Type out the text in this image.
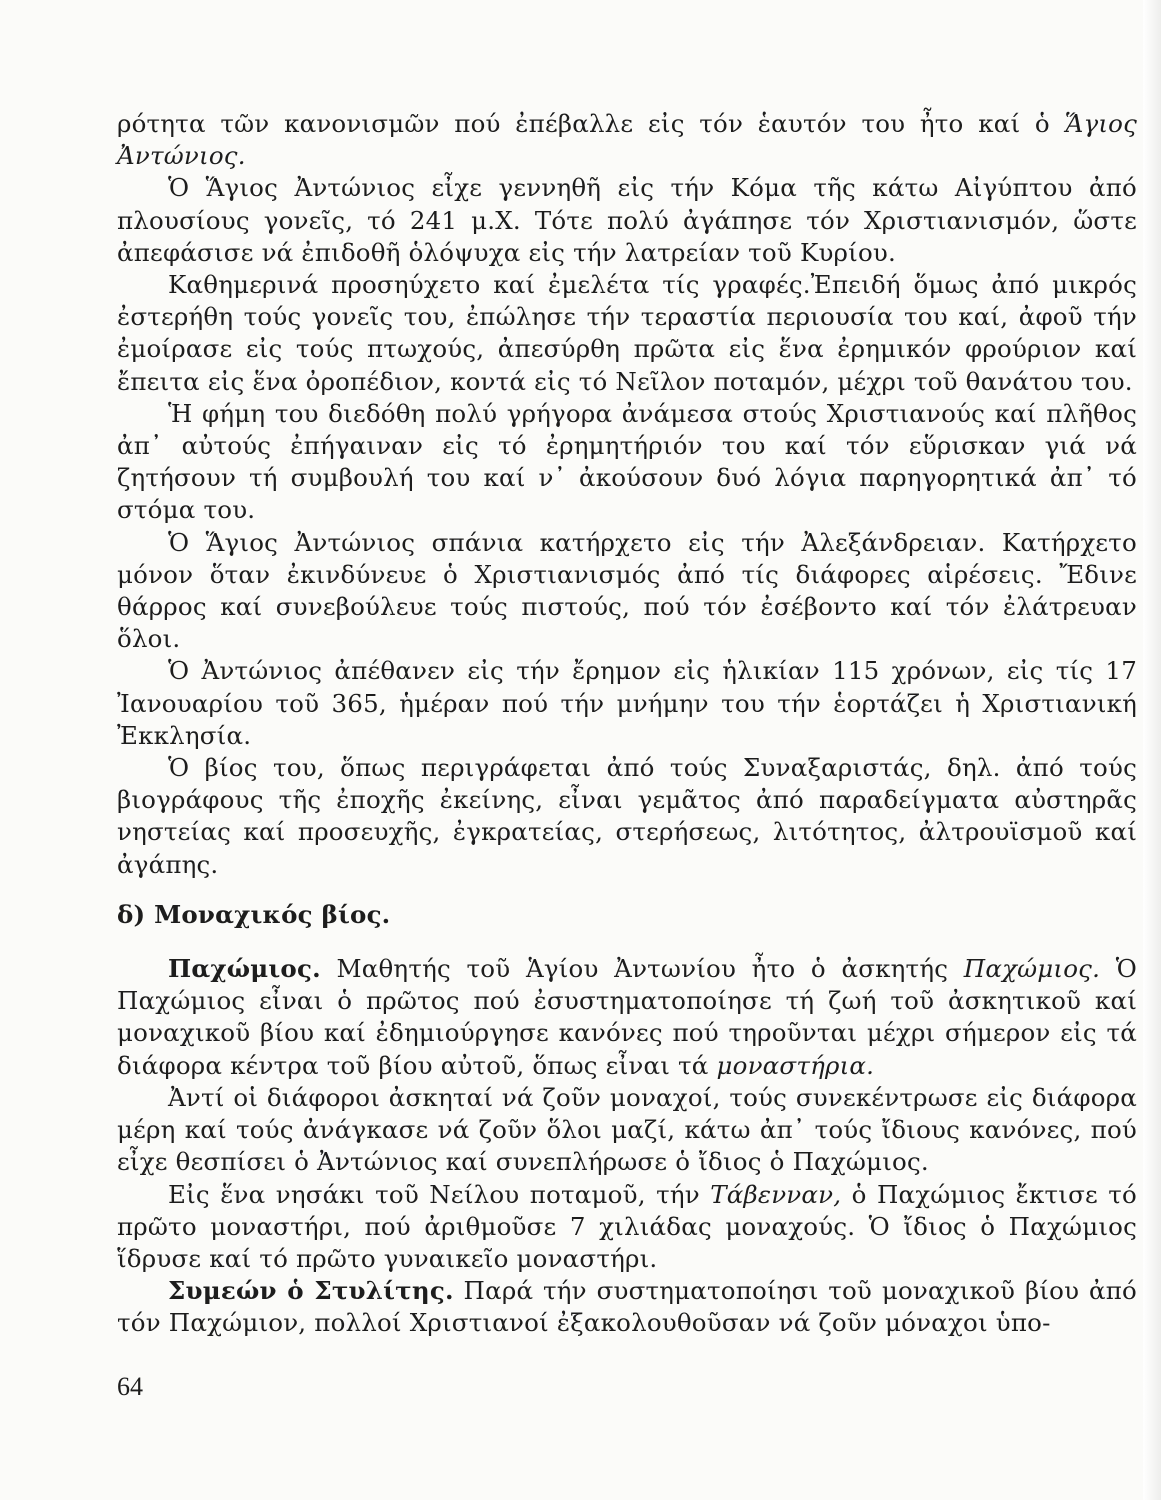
ρότητα τῶν κανονισμῶν πού ἐπέβαλλε εἰς τόν ἑαυτόν του ἦτο καί ὁ Ἅγιος Ἀντώνιος.

Ὁ Ἅγιος Ἀντώνιος εἶχε γεννηθῆ εἰς τήν Κόμα τῆς κάτω Αἰγύπτου ἀπό πλουσίους γονεῖς, τό 241 μ.Χ. Τότε πολύ ἀγάπησε τόν Χριστιανισμόν, ὥστε ἀπεφάσισε νά ἐπιδοθῆ ὁλόψυχα εἰς τήν λατρείαν τοῦ Κυρίου.

Καθημερινά προσηύχετο καί ἐμελέτα τίς γραφές.Ἐπειδή ὅμως ἀπό μικρός ἐστερήθη τούς γονεῖς του, ἐπώλησε τήν τεραστία περιουσία του καί, ἀφοῦ τήν ἐμοίρασε εἰς τούς πτωχούς, ἀπεσύρθη πρῶτα εἰς ἕνα ἐρημικόν φρούριον καί ἔπειτα εἰς ἕνα ὀροπέδιον, κοντά εἰς τό Νεῖλον ποταμόν, μέχρι τοῦ θανάτου του.

Ἡ φήμη του διεδόθη πολύ γρήγορα ἀνάμεσα στούς Χριστιανούς καί πλῆθος ἀπ᾿ αὐτούς ἐπήγαιναν εἰς τό ἐρημητήριόν του καί τόν εὕρισκαν γιά νά ζητήσουν τή συμβουλή του καί ν᾿ ἀκούσουν δυό λόγια παρηγορητικά ἀπ᾿ τό στόμα του.

Ὁ Ἅγιος Ἀντώνιος σπάνια κατήρχετο εἰς τήν Ἀλεξάνδρειαν. Κατήρχετο μόνον ὅταν ἐκινδύνευε ὁ Χριστιανισμός ἀπό τίς διάφορες αἱρέσεις. Ἔδινε θάρρος καί συνεβούλευε τούς πιστούς, πού τόν ἐσέβοντο καί τόν ἐλάτρευαν ὅλοι.

Ὁ Ἀντώνιος ἀπέθανεν εἰς τήν ἔρημον εἰς ἡλικίαν 115 χρόνων, εἰς τίς 17 Ἰανουαρίου τοῦ 365, ἡμέραν πού τήν μνήμην του τήν ἑορτάζει ἡ Χριστιανική Ἐκκλησία.

Ὁ βίος του, ὅπως περιγράφεται ἀπό τούς Συναξαριστάς, δηλ. ἀπό τούς βιογράφους τῆς ἐποχῆς ἐκείνης, εἶναι γεμᾶτος ἀπό παραδείγματα αὐστηρᾶς νηστείας καί προσευχῆς, ἐγκρατείας, στερήσεως, λιτότητος, ἀλτρουϊσμοῦ καί ἀγάπης.

δ) Μοναχικός βίος.

Παχώμιος. Μαθητής τοῦ Ἁγίου Ἀντωνίου ἦτο ὁ ἀσκητής Παχώμιος. Ὁ Παχώμιος εἶναι ὁ πρῶτος πού ἐσυστηματοποίησε τή ζωή τοῦ ἀσκητικοῦ καί μοναχικοῦ βίου καί ἐδημιούργησε κανόνες πού τηροῦνται μέχρι σήμερον εἰς τά διάφορα κέντρα τοῦ βίου αὐτοῦ, ὅπως εἶναι τά μοναστήρια.

Ἀντί οἱ διάφοροι ἀσκηταί νά ζοῦν μοναχοί, τούς συνεκέντρωσε εἰς διάφορα μέρη καί τούς ἀνάγκασε νά ζοῦν ὅλοι μαζί, κάτω ἀπ᾿ τούς ἴδιους κανόνες, πού εἶχε θεσπίσει ὁ Ἀντώνιος καί συνεπλήρωσε ὁ ἴδιος ὁ Παχώμιος.

Εἰς ἕνα νησάκι τοῦ Νείλου ποταμοῦ, τήν Τάβενναν, ὁ Παχώμιος ἔκτισε τό πρῶτο μοναστήρι, πού ἀριθμοῦσε 7 χιλιάδας μοναχούς. Ὁ ἴδιος ὁ Παχώμιος ἵδρυσε καί τό πρῶτο γυναικεῖο μοναστήρι.

Συμεών ὁ Στυλίτης. Παρά τήν συστηματοποίησι τοῦ μοναχικοῦ βίου ἀπό τόν Παχώμιον, πολλοί Χριστιανοί ἐξακολουθοῦσαν νά ζοῦν μόναχοι ὑπο-

64
